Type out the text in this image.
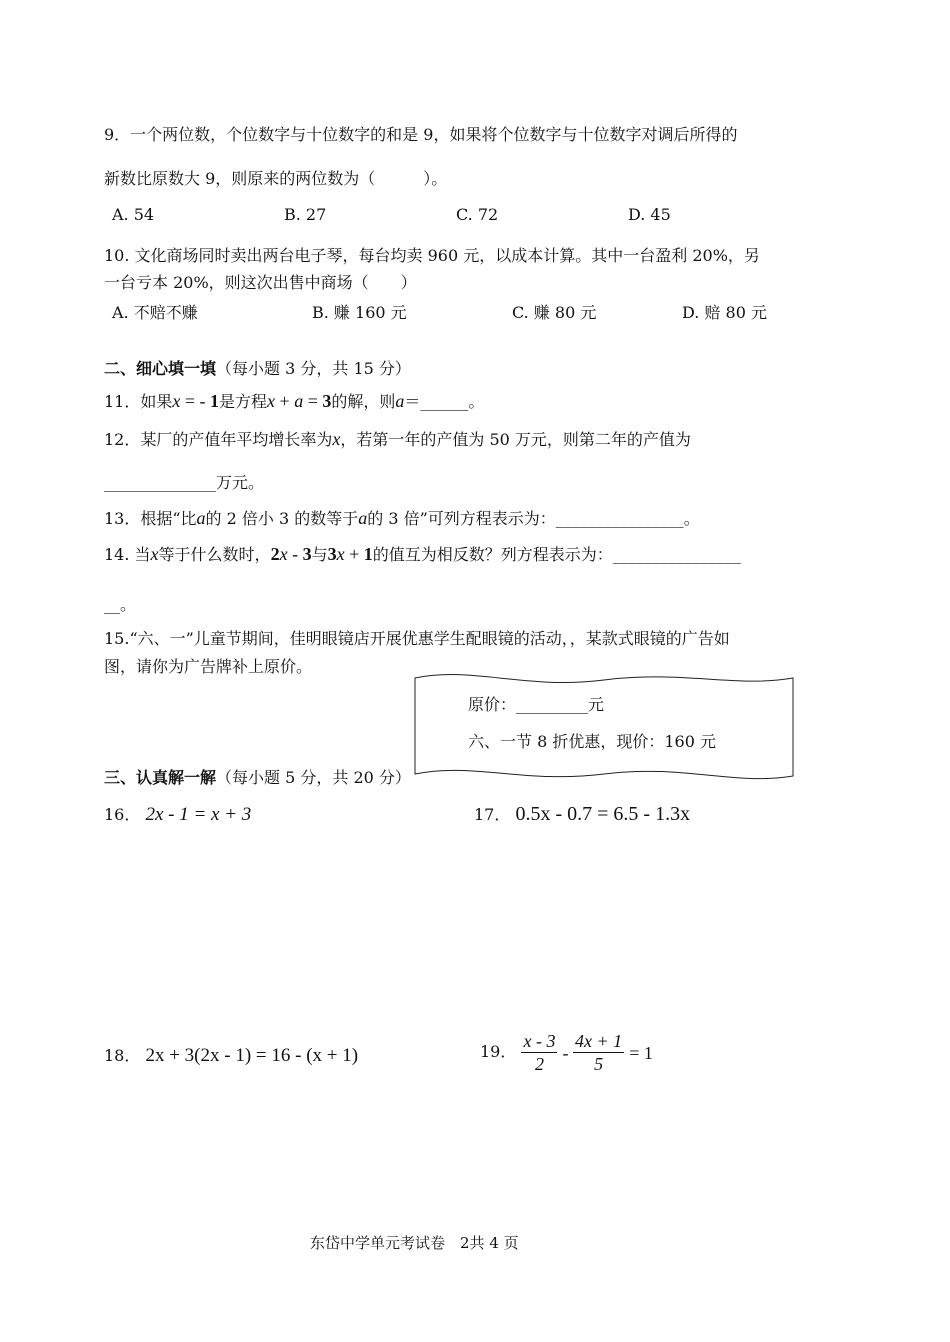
9．一个两位数，个位数字与十位数字的和是 9，如果将个位数字与十位数字对调后所得的
新数比原数大 9，则原来的两位数为（　　　）。
A. 54	B. 27	C. 72	D. 45
10. 文化商场同时卖出两台电子琴，每台均卖 960 元，以成本计算。其中一台盈利 20%，另
一台亏本 20%，则这次出售中商场（　　）
A. 不赔不赚	B. 赚 160 元	C. 赚 80 元	D. 赔 80 元
二、细心填一填（每小题 3 分，共 15 分）
11．如果x = - 1是方程x + a = 3的解，则a＝______。
12．某厂的产值年平均增长率为x，若第一年的产值为 50 万元，则第二年的产值为
______________万元。
13．根据“比a的 2 倍小 3 的数等于a的 3 倍”可列方程表示为：________________。
14. 当x等于什么数时，2x - 3与3x + 1的值互为相反数？列方程表示为：________________
__。
15.“六、一”儿童节期间，佳明眼镜店开展优惠学生配眼镜的活动，，某款式眼镜的广告如
图，请你为广告牌补上原价。
原价：_________元
六、一节 8 折优惠，现价：160 元
三、认真解一解（每小题 5 分，共 20 分）
16． 2x - 1 = x + 3	17． 0.5x - 0.7 = 6.5 - 1.3x
18． 2x + 3(2x - 1) = 16 - (x + 1)	19． $\frac{x - 3}{2} - \frac{4x + 1}{5} = 1$
东岱中学单元考试卷　2共 4 页
